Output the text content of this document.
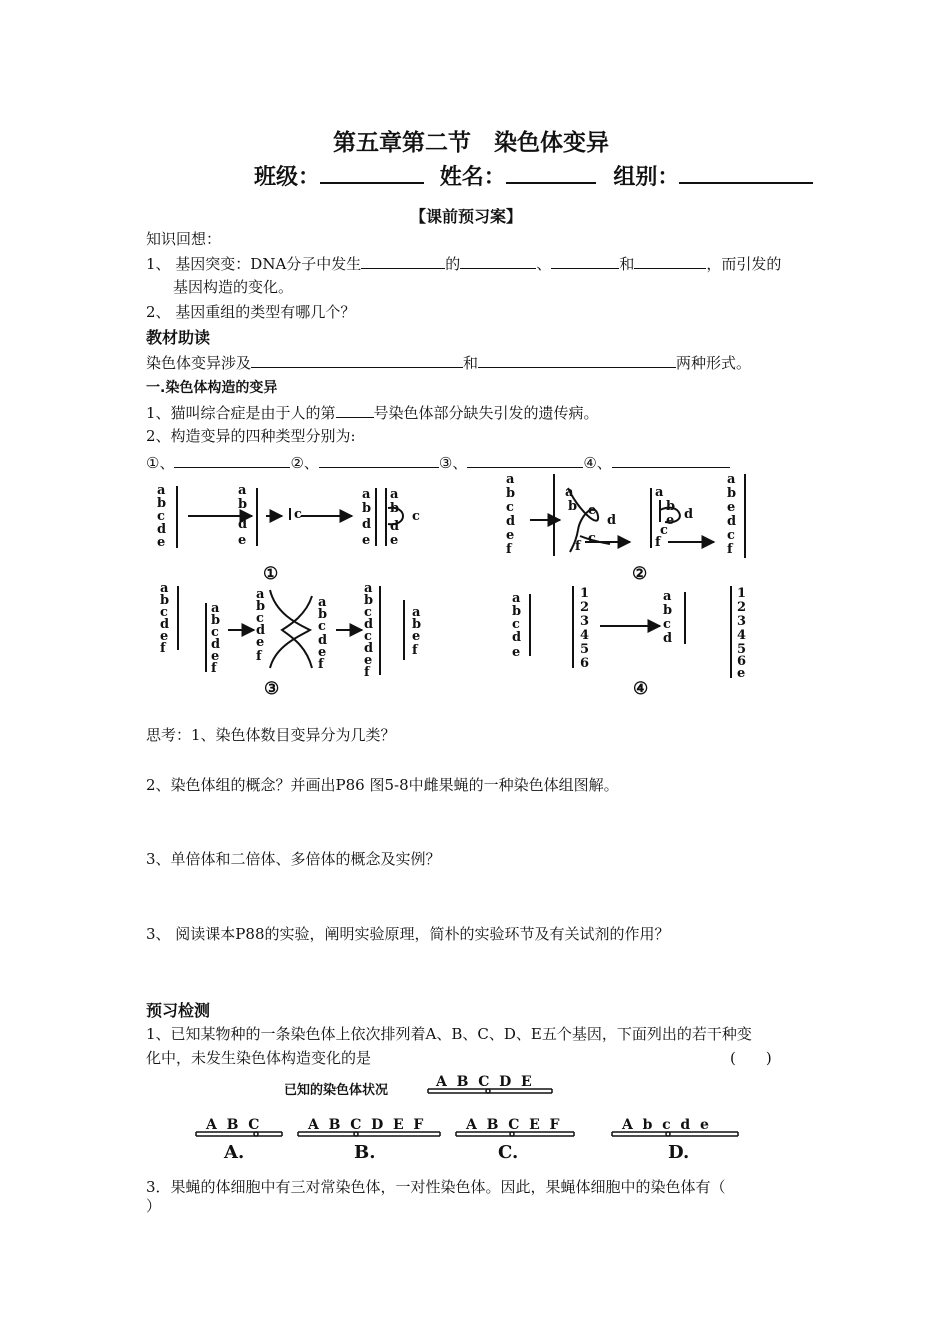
第五章第二节　染色体变异
班级：	姓名：	组别：
【课前预习案】
知识回想：
1、 基因突变：DNA分子中发生	的	、	和	，而引发的
基因构造的变化。
2、 基因重组的类型有哪几个？
教材助读
染色体变异涉及	和	两种形式。
一.染色体构造的变异
1、猫叫综合症是由于人的第	号染色体部分缺失引发的遗传病。
2、构造变异的四种类型分别为:
①、	②、	③、	④、
a
b
c
d
e
a
b
d
e
c
a
b
d
e
a
b
c
d
e
a
b
c
d
e
f
a
b e
d
c
f
a
b
e d
c
f
a
b
e
d
c
f
a
b
c
d
e
f
a
b
c
d
e
f
a
b
c
d
e
f
a
b
c
d
e
f
a
b
c
d
c
d
e
f
a
b
e
f
a
b
c
d
e
1
2
3
4
5
6
a
b
c
d
1
2
3
4
5
6
e
①	②
③	④
思考：1、染色体数目变异分为几类？
2、染色体组的概念？并画出P86 图5-8中雌果蝇的一种染色体组图解。
3、单倍体和二倍体、多倍体的概念及实例？
3、 阅读课本P88的实验，阐明实验原理，简朴的实验环节及有关试剂的作用？
预习检测
1、已知某物种的一条染色体上依次排列着A、B、C、D、E五个基因，下面列出的若干种变
化中，未发生染色体构造变化的是	(　　)
已知的染色体状况
A  B  C  D  E
A  B  C	A  B  C  D  E  F	A  B  C  E  F	A  b  c  d  e
A.	B.	C.	D.
3．果蝇的体细胞中有三对常染色体，一对性染色体。因此，果蝇体细胞中的染色体有（
）
